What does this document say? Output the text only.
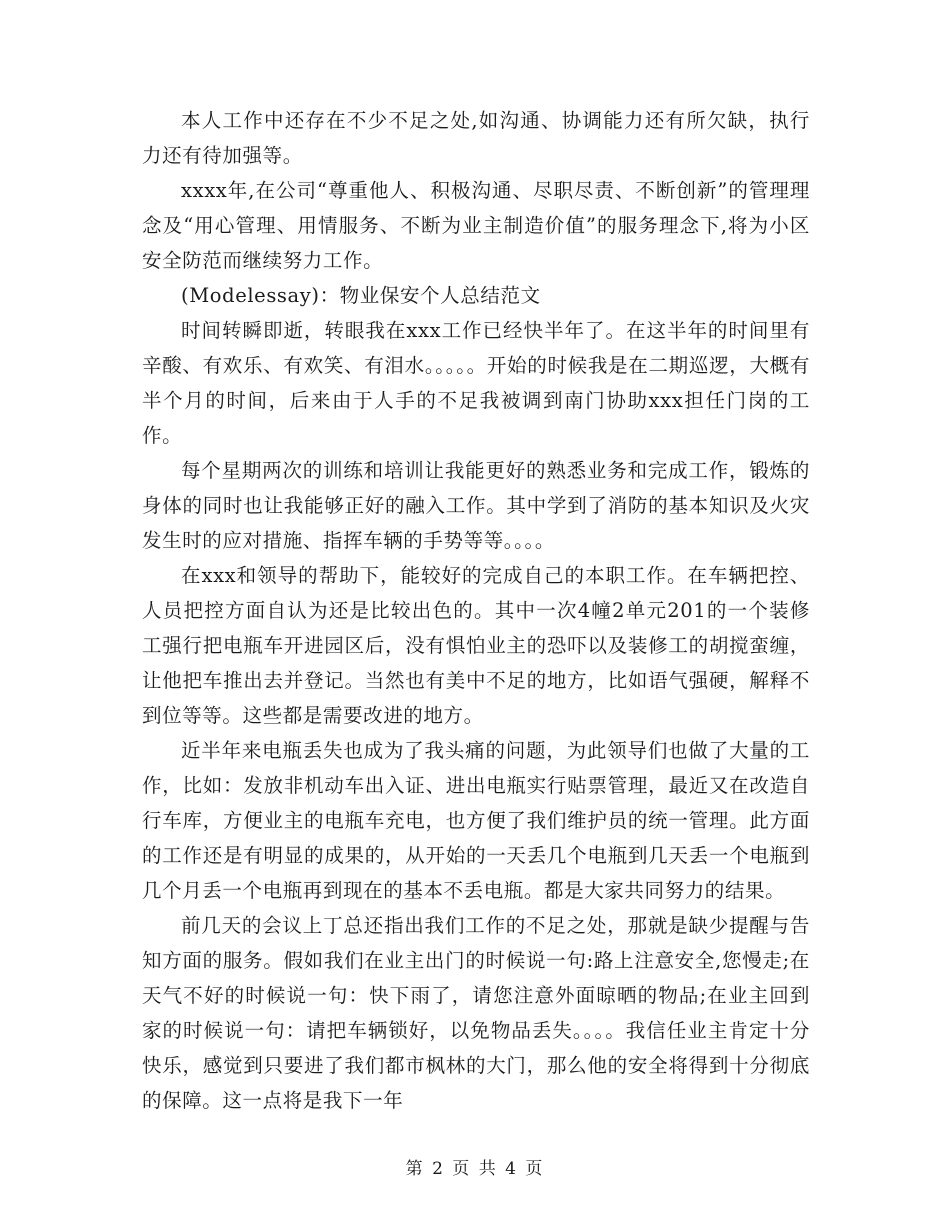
本人工作中还存在不少不足之处,如沟通、协调能力还有所欠缺，执行力还有待加强等。

xxxx年,在公司“尊重他人、积极沟通、尽职尽责、不断创新”的管理理念及“用心管理、用情服务、不断为业主制造价值”的服务理念下,将为小区安全防范而继续努力工作。

(Modelessay)：物业保安个人总结范文

时间转瞬即逝，转眼我在xxx工作已经快半年了。在这半年的时间里有辛酸、有欢乐、有欢笑、有泪水。。。。。开始的时候我是在二期巡逻，大概有半个月的时间，后来由于人手的不足我被调到南门协助xxx担任门岗的工作。

每个星期两次的训练和培训让我能更好的熟悉业务和完成工作，锻炼的身体的同时也让我能够正好的融入工作。其中学到了消防的基本知识及火灾发生时的应对措施、指挥车辆的手势等等。。。。

在xxx和领导的帮助下，能较好的完成自己的本职工作。在车辆把控、人员把控方面自认为还是比较出色的。其中一次4幢2单元201的一个装修工强行把电瓶车开进园区后，没有惧怕业主的恐吓以及装修工的胡搅蛮缠，让他把车推出去并登记。当然也有美中不足的地方，比如语气强硬，解释不到位等等。这些都是需要改进的地方。

近半年来电瓶丢失也成为了我头痛的问题，为此领导们也做了大量的工作，比如：发放非机动车出入证、进出电瓶实行贴票管理，最近又在改造自行车库，方便业主的电瓶车充电，也方便了我们维护员的统一管理。此方面的工作还是有明显的成果的，从开始的一天丢几个电瓶到几天丢一个电瓶到几个月丢一个电瓶再到现在的基本不丢电瓶。都是大家共同努力的结果。

前几天的会议上丁总还指出我们工作的不足之处，那就是缺少提醒与告知方面的服务。假如我们在业主出门的时候说一句:路上注意安全,您慢走;在天气不好的时候说一句：快下雨了，请您注意外面晾晒的物品;在业主回到家的时候说一句：请把车辆锁好，以免物品丢失。。。。我信任业主肯定十分快乐，感觉到只要进了我们都市枫林的大门，那么他的安全将得到十分彻底的保障。这一点将是我下一年

第 2 页 共 4 页
